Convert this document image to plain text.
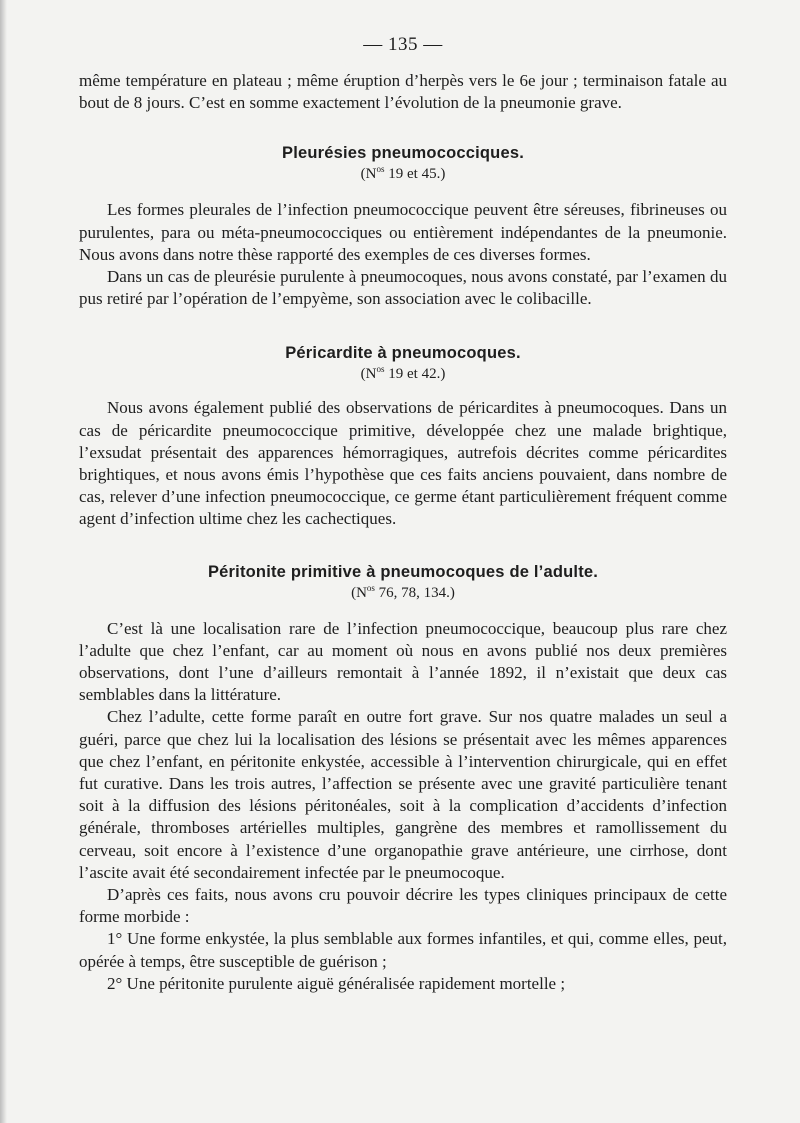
— 135 —

même température en plateau ; même éruption d’herpès vers le 6e jour ; terminaison fatale au bout de 8 jours. C’est en somme exactement l’évolution de la pneumonie grave.

Pleurésies pneumococciques.
($N^{os}$ 19 et 45.)

Les formes pleurales de l’infection pneumococcique peuvent être séreuses, fibrineuses ou purulentes, para ou méta-pneumococciques ou entièrement indépendantes de la pneumonie. Nous avons dans notre thèse rapporté des exemples de ces diverses formes.

Dans un cas de pleurésie purulente à pneumocoques, nous avons constaté, par l’examen du pus retiré par l’opération de l’empyème, son association avec le colibacille.

Péricardite à pneumocoques.
($N^{os}$ 19 et 42.)

Nous avons également publié des observations de péricardites à pneumocoques. Dans un cas de péricardite pneumococcique primitive, développée chez une malade brightique, l’exsudat présentait des apparences hémorragiques, autrefois décrites comme péricardites brightiques, et nous avons émis l’hypothèse que ces faits anciens pouvaient, dans nombre de cas, relever d’une infection pneumococcique, ce germe étant particulièrement fréquent comme agent d’infection ultime chez les cachectiques.

Péritonite primitive à pneumocoques de l’adulte.
($N^{os}$ 76, 78, 134.)

C’est là une localisation rare de l’infection pneumococcique, beaucoup plus rare chez l’adulte que chez l’enfant, car au moment où nous en avons publié nos deux premières observations, dont l’une d’ailleurs remontait à l’année 1892, il n’existait que deux cas semblables dans la littérature.

Chez l’adulte, cette forme paraît en outre fort grave. Sur nos quatre malades un seul a guéri, parce que chez lui la localisation des lésions se présentait avec les mêmes apparences que chez l’enfant, en péritonite enkystée, accessible à l’intervention chirurgicale, qui en effet fut curative. Dans les trois autres, l’affection se présente avec une gravité particulière tenant soit à la diffusion des lésions péritonéales, soit à la complication d’accidents d’infection générale, thromboses artérielles multiples, gangrène des membres et ramollissement du cerveau, soit encore à l’existence d’une organopathie grave antérieure, une cirrhose, dont l’ascite avait été secondairement infectée par le pneumocoque.

D’après ces faits, nous avons cru pouvoir décrire les types cliniques principaux de cette forme morbide :

1° Une forme enkystée, la plus semblable aux formes infantiles, et qui, comme elles, peut, opérée à temps, être susceptible de guérison ;

2° Une péritonite purulente aiguë généralisée rapidement mortelle ;
